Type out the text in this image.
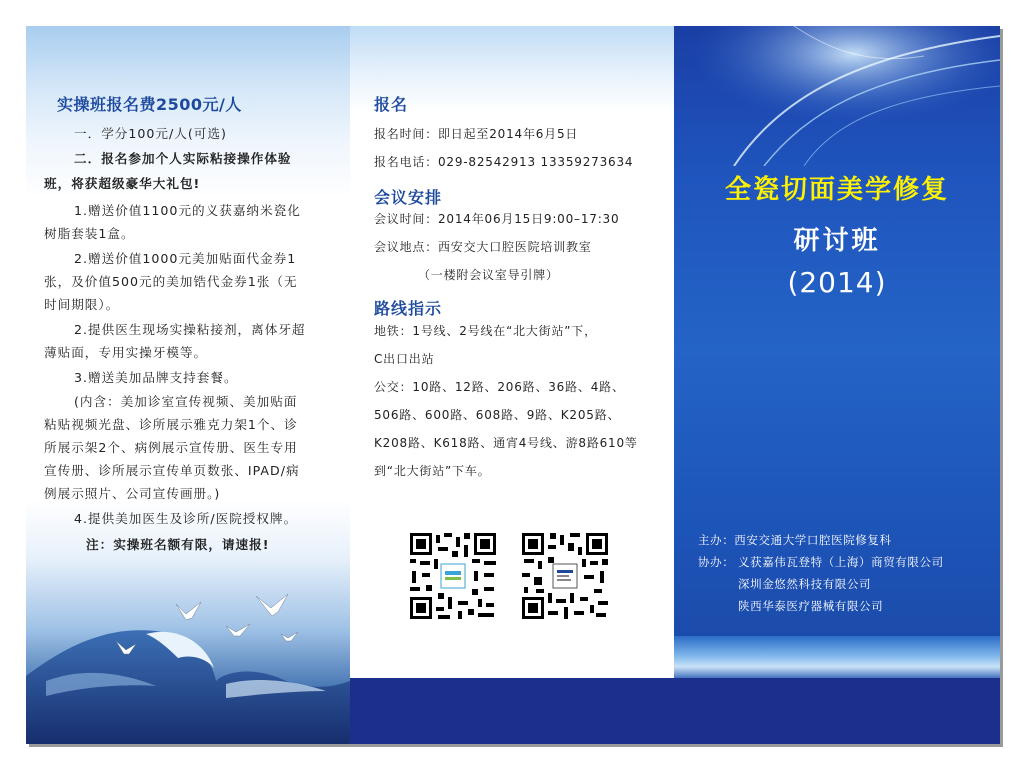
实操班报名费2500元/人
一．学分100元/人(可选)
二．报名参加个人实际粘接操作体验
班，将获超级豪华大礼包!
1.赠送价值1100元的义获嘉纳米瓷化
树脂套装1盒。
2.赠送价值1000元美加贴面代金券1
张，及价值500元的美加锆代金券1张（无
时间期限）。
2.提供医生现场实操粘接剂，离体牙超
薄贴面，专用实操牙模等。
3.赠送美加品牌支持套餐。
(内含：美加诊室宣传视频、美加贴面
粘贴视频光盘、诊所展示雅克力架1个、诊
所展示架2个、病例展示宣传册、医生专用
宣传册、诊所展示宣传单页数张、IPAD/病
例展示照片、公司宣传画册。)
4.提供美加医生及诊所/医院授权牌。
注：实操班名额有限，请速报!
报名
报名时间：即日起至2014年6月5日
报名电话：029-82542913 13359273634
会议安排
会议时间：2014年06月15日9:00–17:30
会议地点：西安交大口腔医院培训教室
（一楼附会议室导引牌）
路线指示
地铁：1号线、2号线在“北大街站”下，
C出口出站
公交：10路、12路、206路、36路、4路、
506路、600路、608路、9路、K205路、
K208路、K618路、通宵4号线、游8路610等
到“北大街站”下车。
全瓷切面美学修复
研讨班
(2014)
主办：西安交通大学口腔医院修复科
协办： 义获嘉伟瓦登特（上海）商贸有限公司
深圳金悠然科技有限公司
陕西华泰医疗器械有限公司
